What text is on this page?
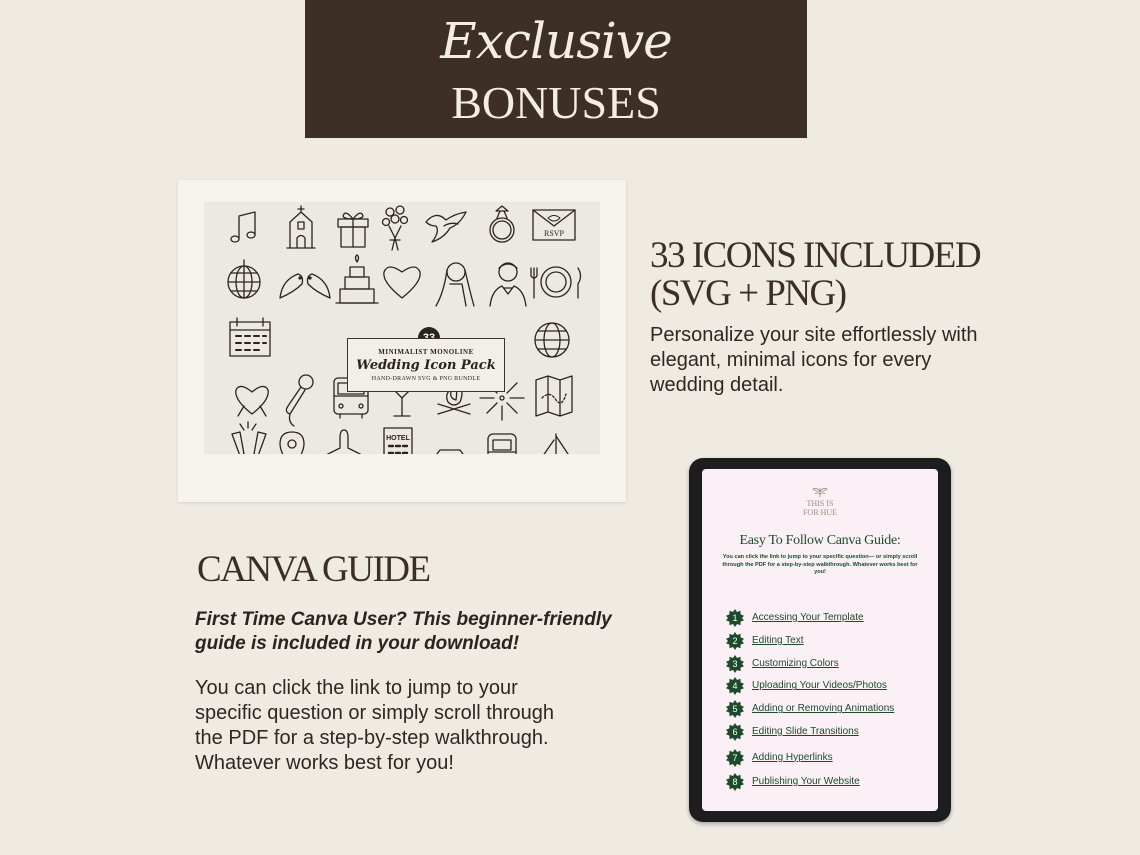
Exclusive
BONUSES
RSVP
HOTEL
MINIMALIST MONOLINE
Wedding Icon Pack
HAND-DRAWN SVG & PNG BUNDLE
33 ICONS INCLUDED
(SVG + PNG)
Personalize your site effortlessly with elegant, minimal icons for every wedding detail.
CANVA GUIDE
First Time Canva User? This beginner-friendly guide is included in your download!
You can click the link to jump to your specific question or simply scroll through the PDF for a step-by-step walkthrough. Whatever works best for you!
THIS IS
FOR HUE
Easy To Follow Canva Guide:
You can click the link to jump to your specific question— or simply scroll through the PDF for a step-by-step walkthrough. Whatever works best for you!
1	Accessing Your Template
2	Editing Text
3	Customizing Colors
4	Uploading Your Videos/Photos
5	Adding or Removing Animations
6	Editing Slide Transitions
7	Adding Hyperlinks
8	Publishing Your Website
